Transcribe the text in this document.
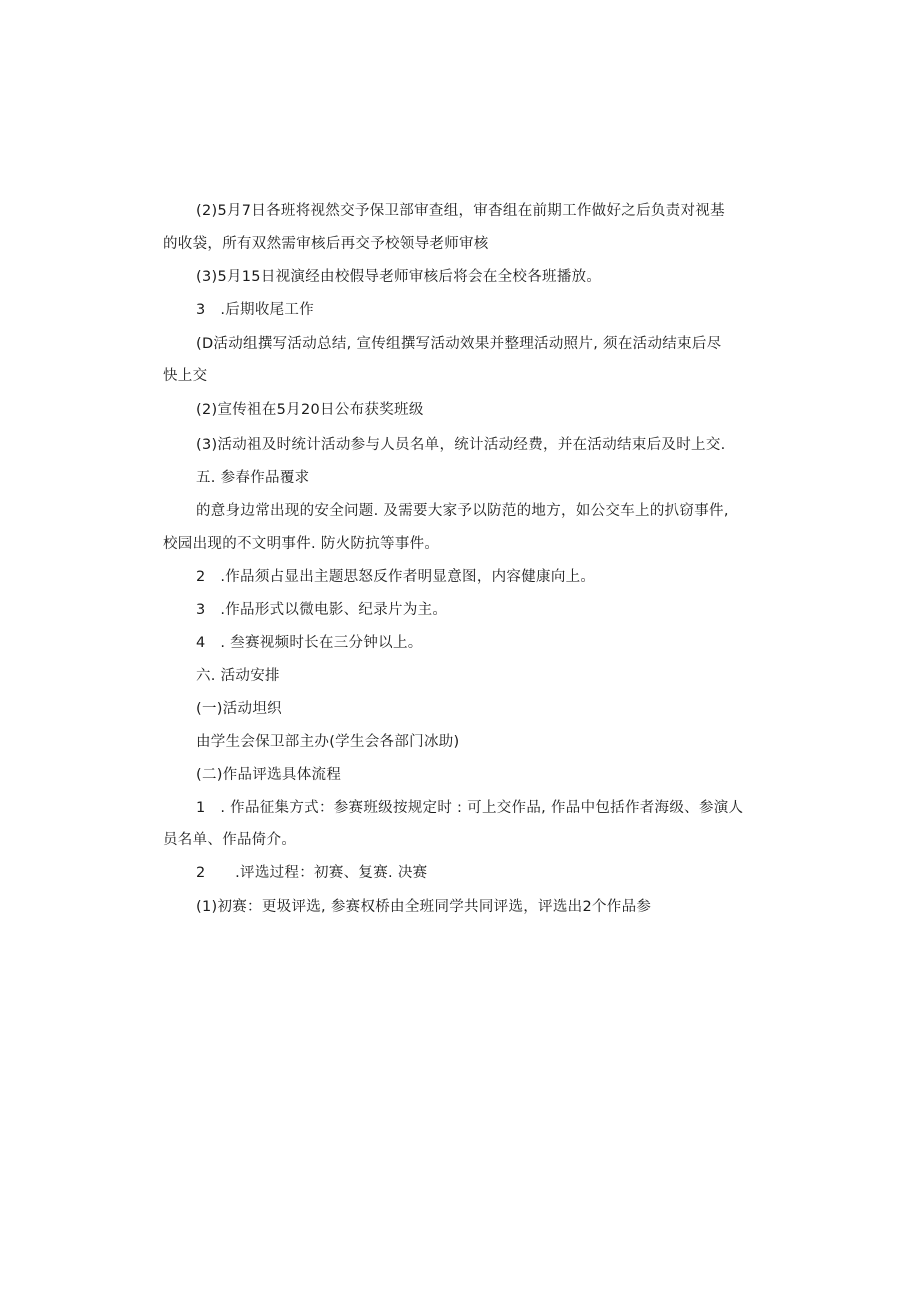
(2)5月7日各班将视然交予保卫部审查组，审杳组在前期工作做好之后负责对视基
的收袋，所有双然需审核后再交予校领导老师审核
(3)5月15日视演经由校假导老师审核后将会在全校各班播放。
3　.后期收尾工作
(D活动组撰写活动总结, 宣传组撰写活动效果并整理活动照片, 须在活动结束后尽
快上交
(2)宣传祖在5月20日公布获奖班级
(3)活动祖及时统计活动参与人员名单，统计活动经费，并在活动结束后及时上交.
五. 参春作品覆求
的意身边常出现的安全问题. 及需要大家予以防范的地方，如公交车上的扒窃事件,
校园出现的不文明事件. 防火防抗等事件。
2　.作品须占显出主题思怒反作者明显意图，内容健康向上。
3　.作品形式以微电影、纪录片为主。
4　. 叁赛视频时长在三分钟以上。
六. 活动安排
(一)活动坦织
由学生会保卫部主办(学生会各部门冰助)
(二)作品评选具体流程
1　. 作品征集方式：参赛班级按规定时 : 可上交作品, 作品中包括作者海级、参演人
员名单、作品倚介。
2　　.评选过程：初赛、复赛. 决赛
(1)初赛：更圾评选, 参赛权桥由全班同学共同评选，评选出2个作品参
